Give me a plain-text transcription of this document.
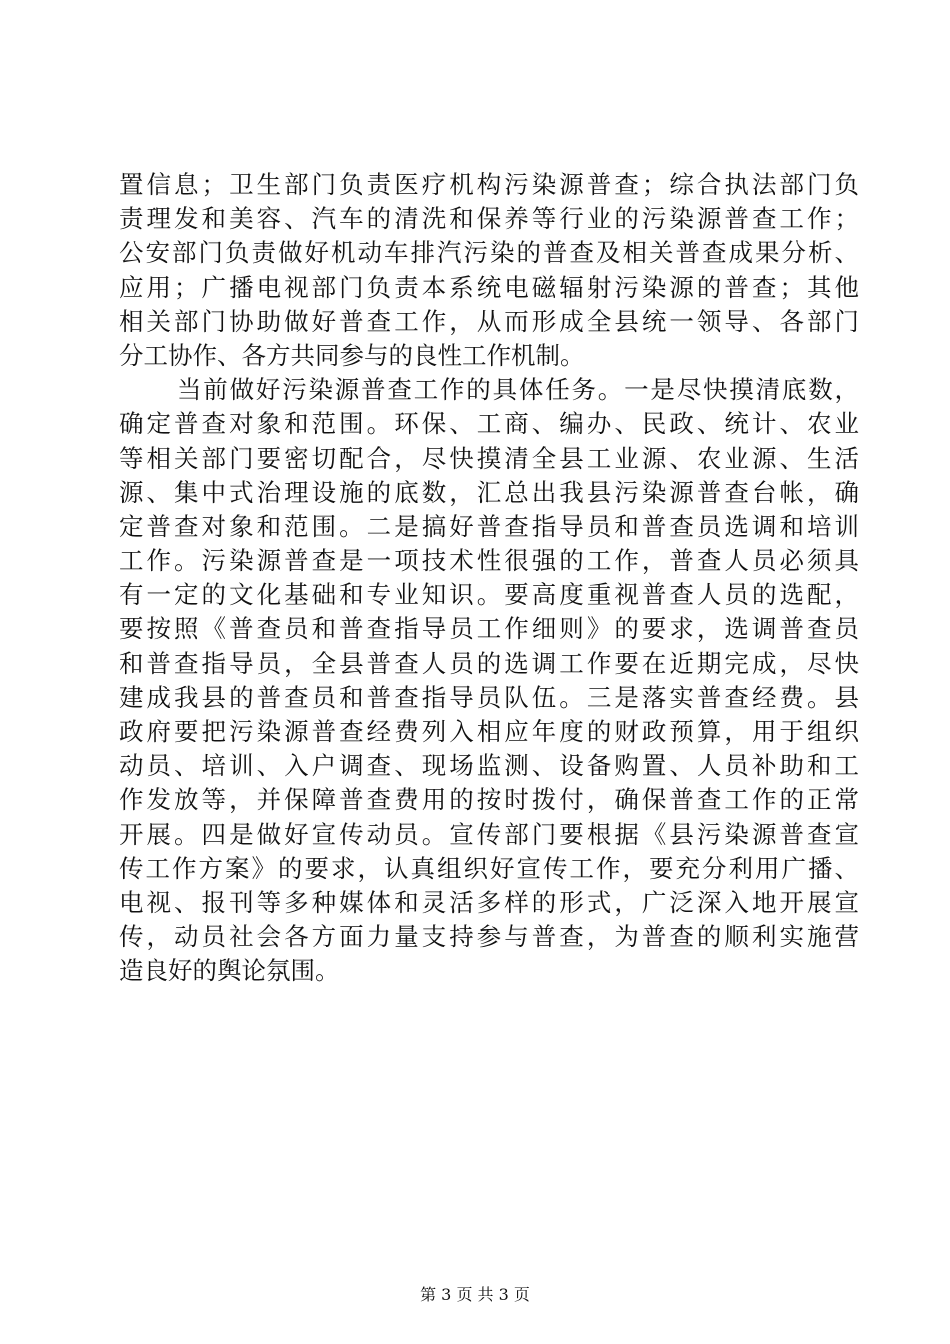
置信息；卫生部门负责医疗机构污染源普查；综合执法部门负
责理发和美容、汽车的清洗和保养等行业的污染源普查工作；
公安部门负责做好机动车排汽污染的普查及相关普查成果分析、
应用；广播电视部门负责本系统电磁辐射污染源的普查；其他
相关部门协助做好普查工作，从而形成全县统一领导、各部门
分工协作、各方共同参与的良性工作机制。
当前做好污染源普查工作的具体任务。一是尽快摸清底数，
确定普查对象和范围。环保、工商、编办、民政、统计、农业
等相关部门要密切配合，尽快摸清全县工业源、农业源、生活
源、集中式治理设施的底数，汇总出我县污染源普查台帐，确
定普查对象和范围。二是搞好普查指导员和普查员选调和培训
工作。污染源普查是一项技术性很强的工作，普查人员必须具
有一定的文化基础和专业知识。要高度重视普查人员的选配，
要按照《普查员和普查指导员工作细则》的要求，选调普查员
和普查指导员，全县普查人员的选调工作要在近期完成，尽快
建成我县的普查员和普查指导员队伍。三是落实普查经费。县
政府要把污染源普查经费列入相应年度的财政预算，用于组织
动员、培训、入户调查、现场监测、设备购置、人员补助和工
作发放等，并保障普查费用的按时拨付，确保普查工作的正常
开展。四是做好宣传动员。宣传部门要根据《县污染源普查宣
传工作方案》的要求，认真组织好宣传工作，要充分利用广播、
电视、报刊等多种媒体和灵活多样的形式，广泛深入地开展宣
传，动员社会各方面力量支持参与普查，为普查的顺利实施营
造良好的舆论氛围。
第 3 页 共 3 页
